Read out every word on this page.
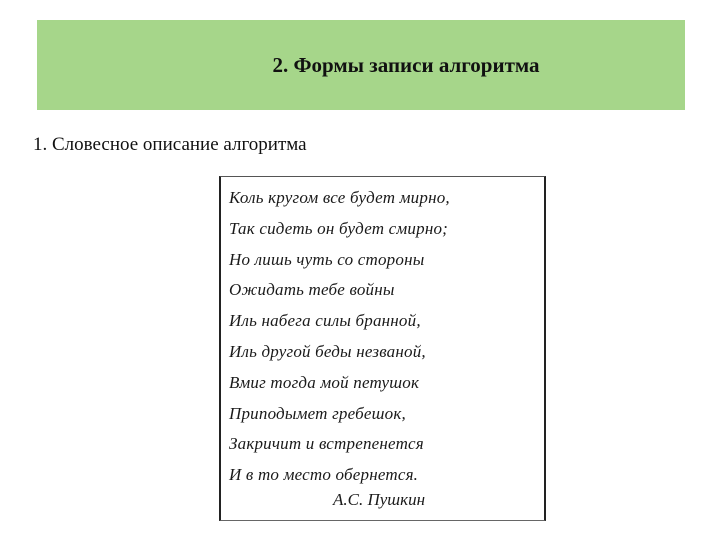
2. Формы записи алгоритма
1. Словесное описание алгоритма
Коль кругом все будет мирно,
Так сидеть он будет смирно;
Но лишь чуть со стороны
Ожидать тебе войны
Иль набега силы бранной,
Иль другой беды незваной,
Вмиг тогда мой петушок
Приподымет гребешок,
Закричит и встрепенется
И в то место обернется.
А.С. Пушкин
